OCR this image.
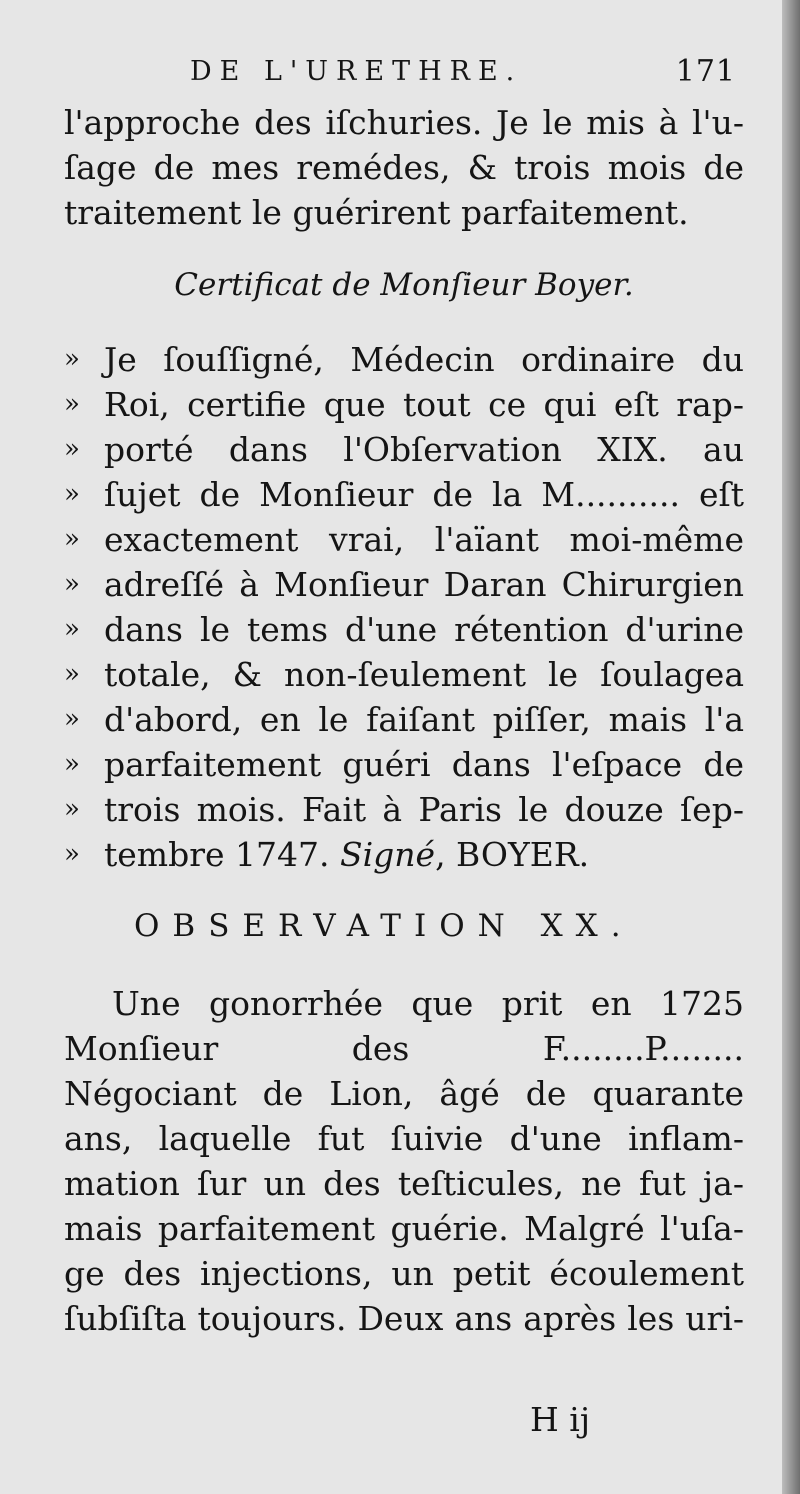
DE L'URETHRE.	171
l'approche des iſchuries. Je le mis à l'u-
ſage de mes remédes, & trois mois de
traitement le guérirent parfaitement.
Certificat de Monſieur Boyer.
» Je ſouſſigné, Médecin ordinaire du
» Roi, certifie que tout ce qui eſt rap-
» porté dans l'Obſervation XIX. au
» ſujet de Monſieur de la M.......... eſt
» exactement vrai, l'aïant moi-même
» adreſſé à Monſieur Daran Chirurgien
» dans le tems d'une rétention d'urine
» totale, & non-ſeulement le ſoulagea
» d'abord, en le faiſant piſſer, mais l'a
» parfaitement guéri dans l'eſpace de
» trois mois. Fait à Paris le douze ſep-
» tembre 1747. Signé, BOYER.
OBSERVATION XX.
Une gonorrhée que prit en 1725
Monſieur des F........P........
Négociant de Lion, âgé de quarante
ans, laquelle fut ſuivie d'une inflam-
mation ſur un des teſticules, ne fut ja-
mais parfaitement guérie. Malgré l'uſa-
ge des injections, un petit écoulement
ſubſiſta toujours. Deux ans après les uri-
H ij
